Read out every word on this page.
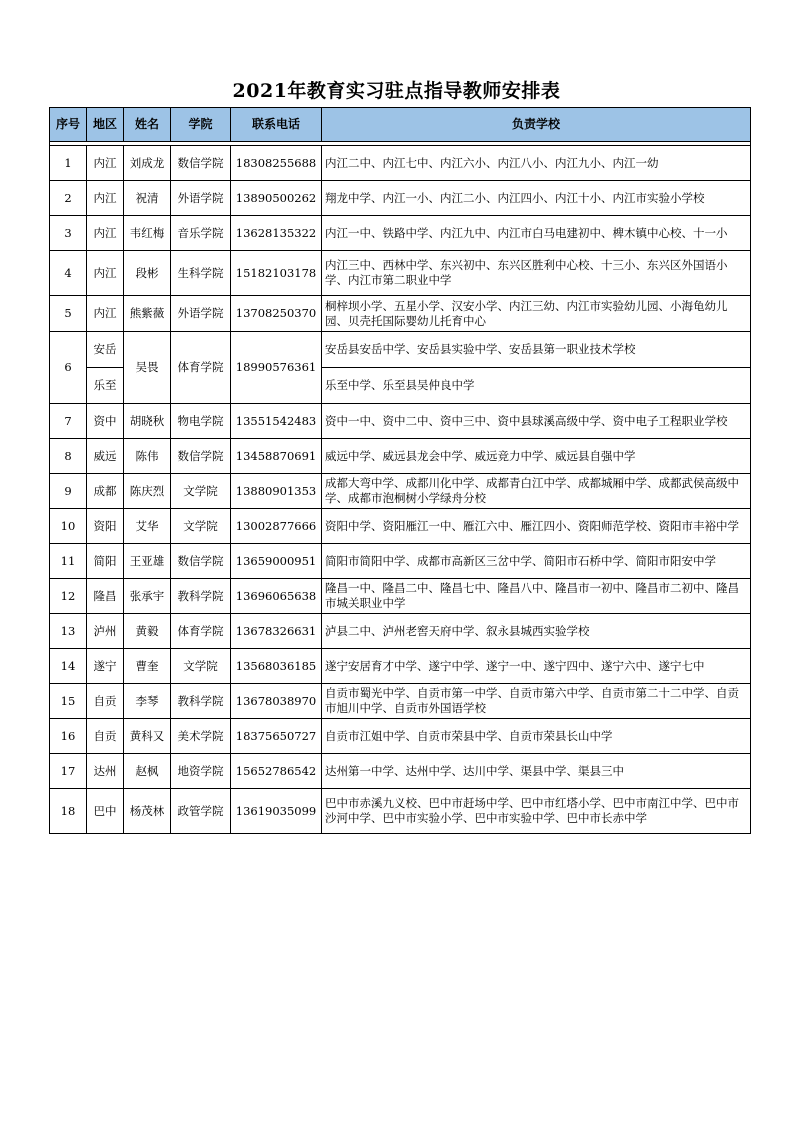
2021年教育实习驻点指导教师安排表
序号	地区	姓名	学院	联系电话	负责学校

1	内江	刘成龙	数信学院	18308255688	内江二中、内江七中、内江六小、内江八小、内江九小、内江一幼
2	内江	祝清	外语学院	13890500262	翔龙中学、内江一小、内江二小、内江四小、内江十小、内江市实验小学校
3	内江	韦红梅	音乐学院	13628135322	内江一中、铁路中学、内江九中、内江市白马电建初中、椑木镇中心校、十一小
4	内江	段彬	生科学院	15182103178	内江三中、西林中学、东兴初中、东兴区胜利中心校、十三小、东兴区外国语小学、内江市第二职业中学
5	内江	熊紫薇	外语学院	13708250370	桐梓坝小学、五星小学、汉安小学、内江三幼、内江市实验幼儿园、小海龟幼儿园、贝壳托国际婴幼儿托育中心
6	安岳	吴畏	体育学院	18990576361	安岳县安岳中学、安岳县实验中学、安岳县第一职业技术学校
	乐至				乐至中学、乐至县吴仲良中学
7	资中	胡晓秋	物电学院	13551542483	资中一中、资中二中、资中三中、资中县球溪高级中学、资中电子工程职业学校
8	威远	陈伟	数信学院	13458870691	威远中学、威远县龙会中学、威远竞力中学、威远县自强中学
9	成都	陈庆烈	文学院	13880901353	成都大弯中学、成都川化中学、成都青白江中学、成都城厢中学、成都武侯高级中学、成都市泡桐树小学绿舟分校
10	资阳	艾华	文学院	13002877666	资阳中学、资阳雁江一中、雁江六中、雁江四小、资阳师范学校、资阳市丰裕中学
11	简阳	王亚雄	数信学院	13659000951	简阳市简阳中学、成都市高新区三岔中学、简阳市石桥中学、简阳市阳安中学
12	隆昌	张承宇	教科学院	13696065638	隆昌一中、隆昌二中、隆昌七中、隆昌八中、隆昌市一初中、隆昌市二初中、隆昌市城关职业中学
13	泸州	黄毅	体育学院	13678326631	泸县二中、泸州老窖天府中学、叙永县城西实验学校
14	遂宁	曹奎	文学院	13568036185	遂宁安居育才中学、遂宁中学、遂宁一中、遂宁四中、遂宁六中、遂宁七中
15	自贡	李琴	教科学院	13678038970	自贡市蜀光中学、自贡市第一中学、自贡市第六中学、自贡市第二十二中学、自贡市旭川中学、自贡市外国语学校
16	自贡	黄科又	美术学院	18375650727	自贡市江姐中学、自贡市荣县中学、自贡市荣县长山中学
17	达州	赵枫	地资学院	15652786542	达州第一中学、达州中学、达川中学、渠县中学、渠县三中
18	巴中	杨茂林	政管学院	13619035099	巴中市赤溪九义校、巴中市赶场中学、巴中市红塔小学、巴中市南江中学、巴中市沙河中学、巴中市实验小学、巴中市实验中学、巴中市长赤中学
